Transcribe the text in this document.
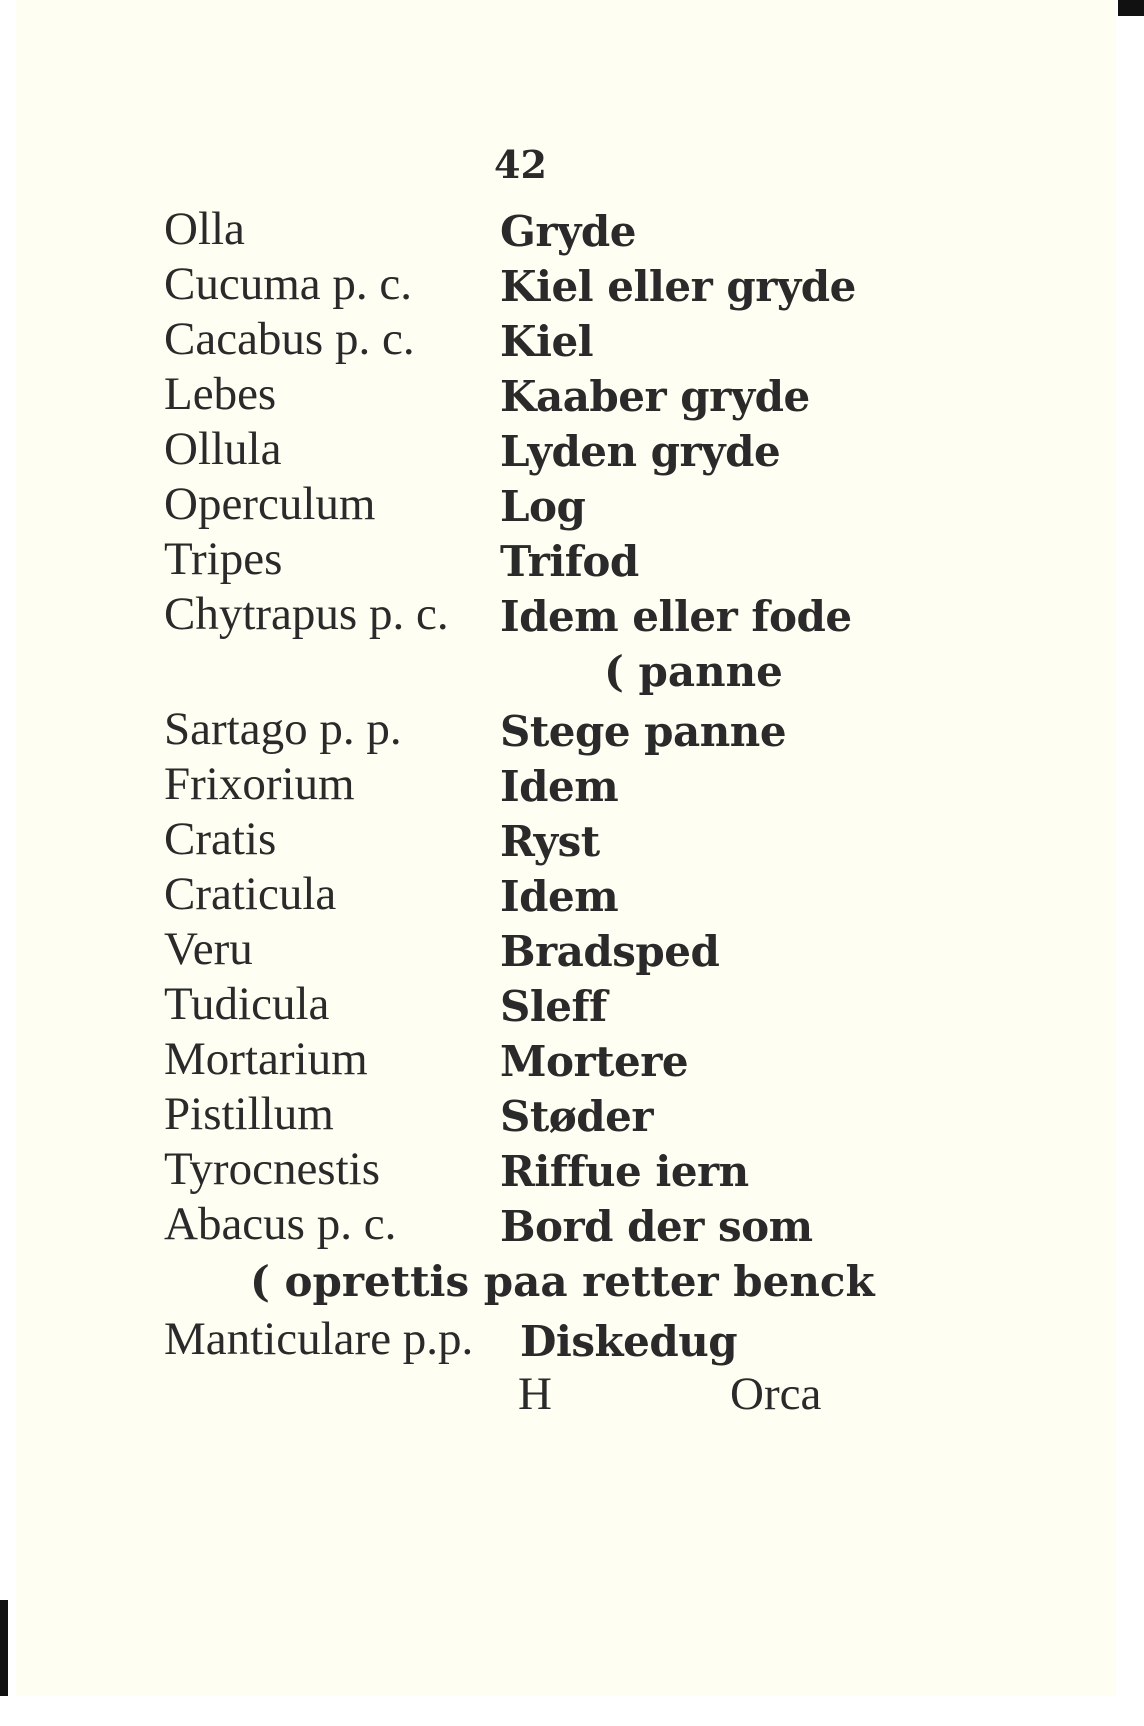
42
Olla	Gryde
Cucuma p. c. Kiel eller gryde
Cacabus p. c. Kiel
Lebes	Kaaber gryde
Ollula	Lyden gryde
Operculum	Log
Tripes	Trifod
Chytrapus p. c. Idem eller fode
( panne
Sartago p. p. Stege panne
Frixorium	Idem
Cratis	Ryst
Craticula	Idem
Veru	Bradsped
Tudicula	Sleff
Mortarium	Mortere
Pistillum	Støder
Tyrocnestis	Riffue iern
Abacus p. c. Bord der som
( oprettis paa retter benck
Manticulare p.p. Diskedug
H	Orca
